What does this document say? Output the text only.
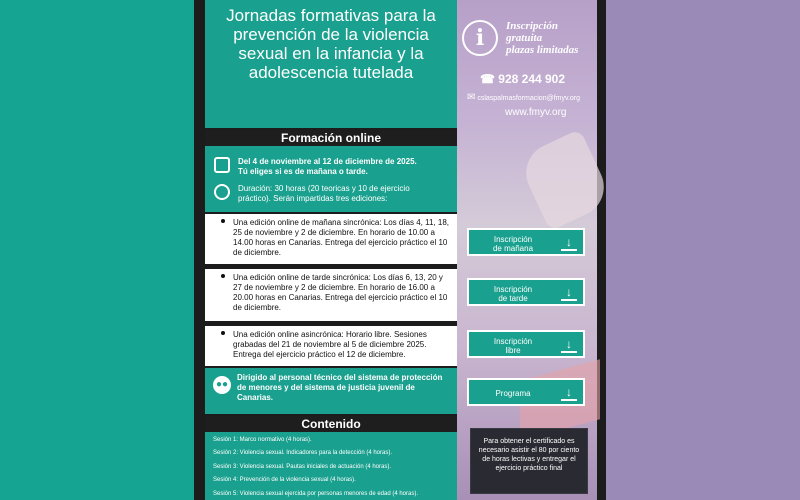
Jornadas formativas para la prevención de la violencia sexual en la infancia y la adolescencia tutelada
i	Inscripción
gratuita
plazas limitadas
☎ 928 244 902
✉ cslaspalmasformacion@fmyv.org
www.fmyv.org
Formación online
Del 4 de noviembre al 12 de diciembre de 2025.
Tú eliges si es de mañana o tarde.
Duración: 30 horas (20 teoricas y 10 de ejercicio
práctico). Serán impartidas tres ediciones:
Una edición online de mañana sincrónica: Los días 4, 11, 18, 25 de noviembre y 2 de diciembre. En horario de 10.00 a 14.00 horas en Canarias. Entrega del ejercicio práctico el 10 de diciembre.
Una edición online de tarde sincrónica: Los días 6, 13, 20 y 27 de noviembre y 2 de diciembre. En horario de 16.00 a 20.00 horas en Canarias. Entrega del ejercicio práctico el 10 de diciembre.
Una edición online asincrónica: Horario libre. Sesiones grabadas del 21 de noviembre al 5 de diciembre 2025. Entrega del ejercicio práctico el 12 de diciembre.
Inscripción
de mañana	↓
Inscripción
de tarde	↓
Inscripción
libre	↓
Programa	↓
●●
Dirigido al personal técnico del sistema de protección de menores y del sistema de justicia juvenil de Canarias.
Contenido
Sesión 1: Marco normativo (4 horas).
Sesión 2: Violencia sexual. Indicadores para la detección (4 horas).
Sesión 3: Violencia sexual. Pautas iniciales de actuación (4 horas).
Sesión 4: Prevención de la violencia sexual (4 horas).
Sesión 5: Violencia sexual ejercida por personas menores de edad (4 horas).
Para obtener el certificado es necesario asistir el 80 por ciento de horas lectivas y entregar el ejercicio práctico final
